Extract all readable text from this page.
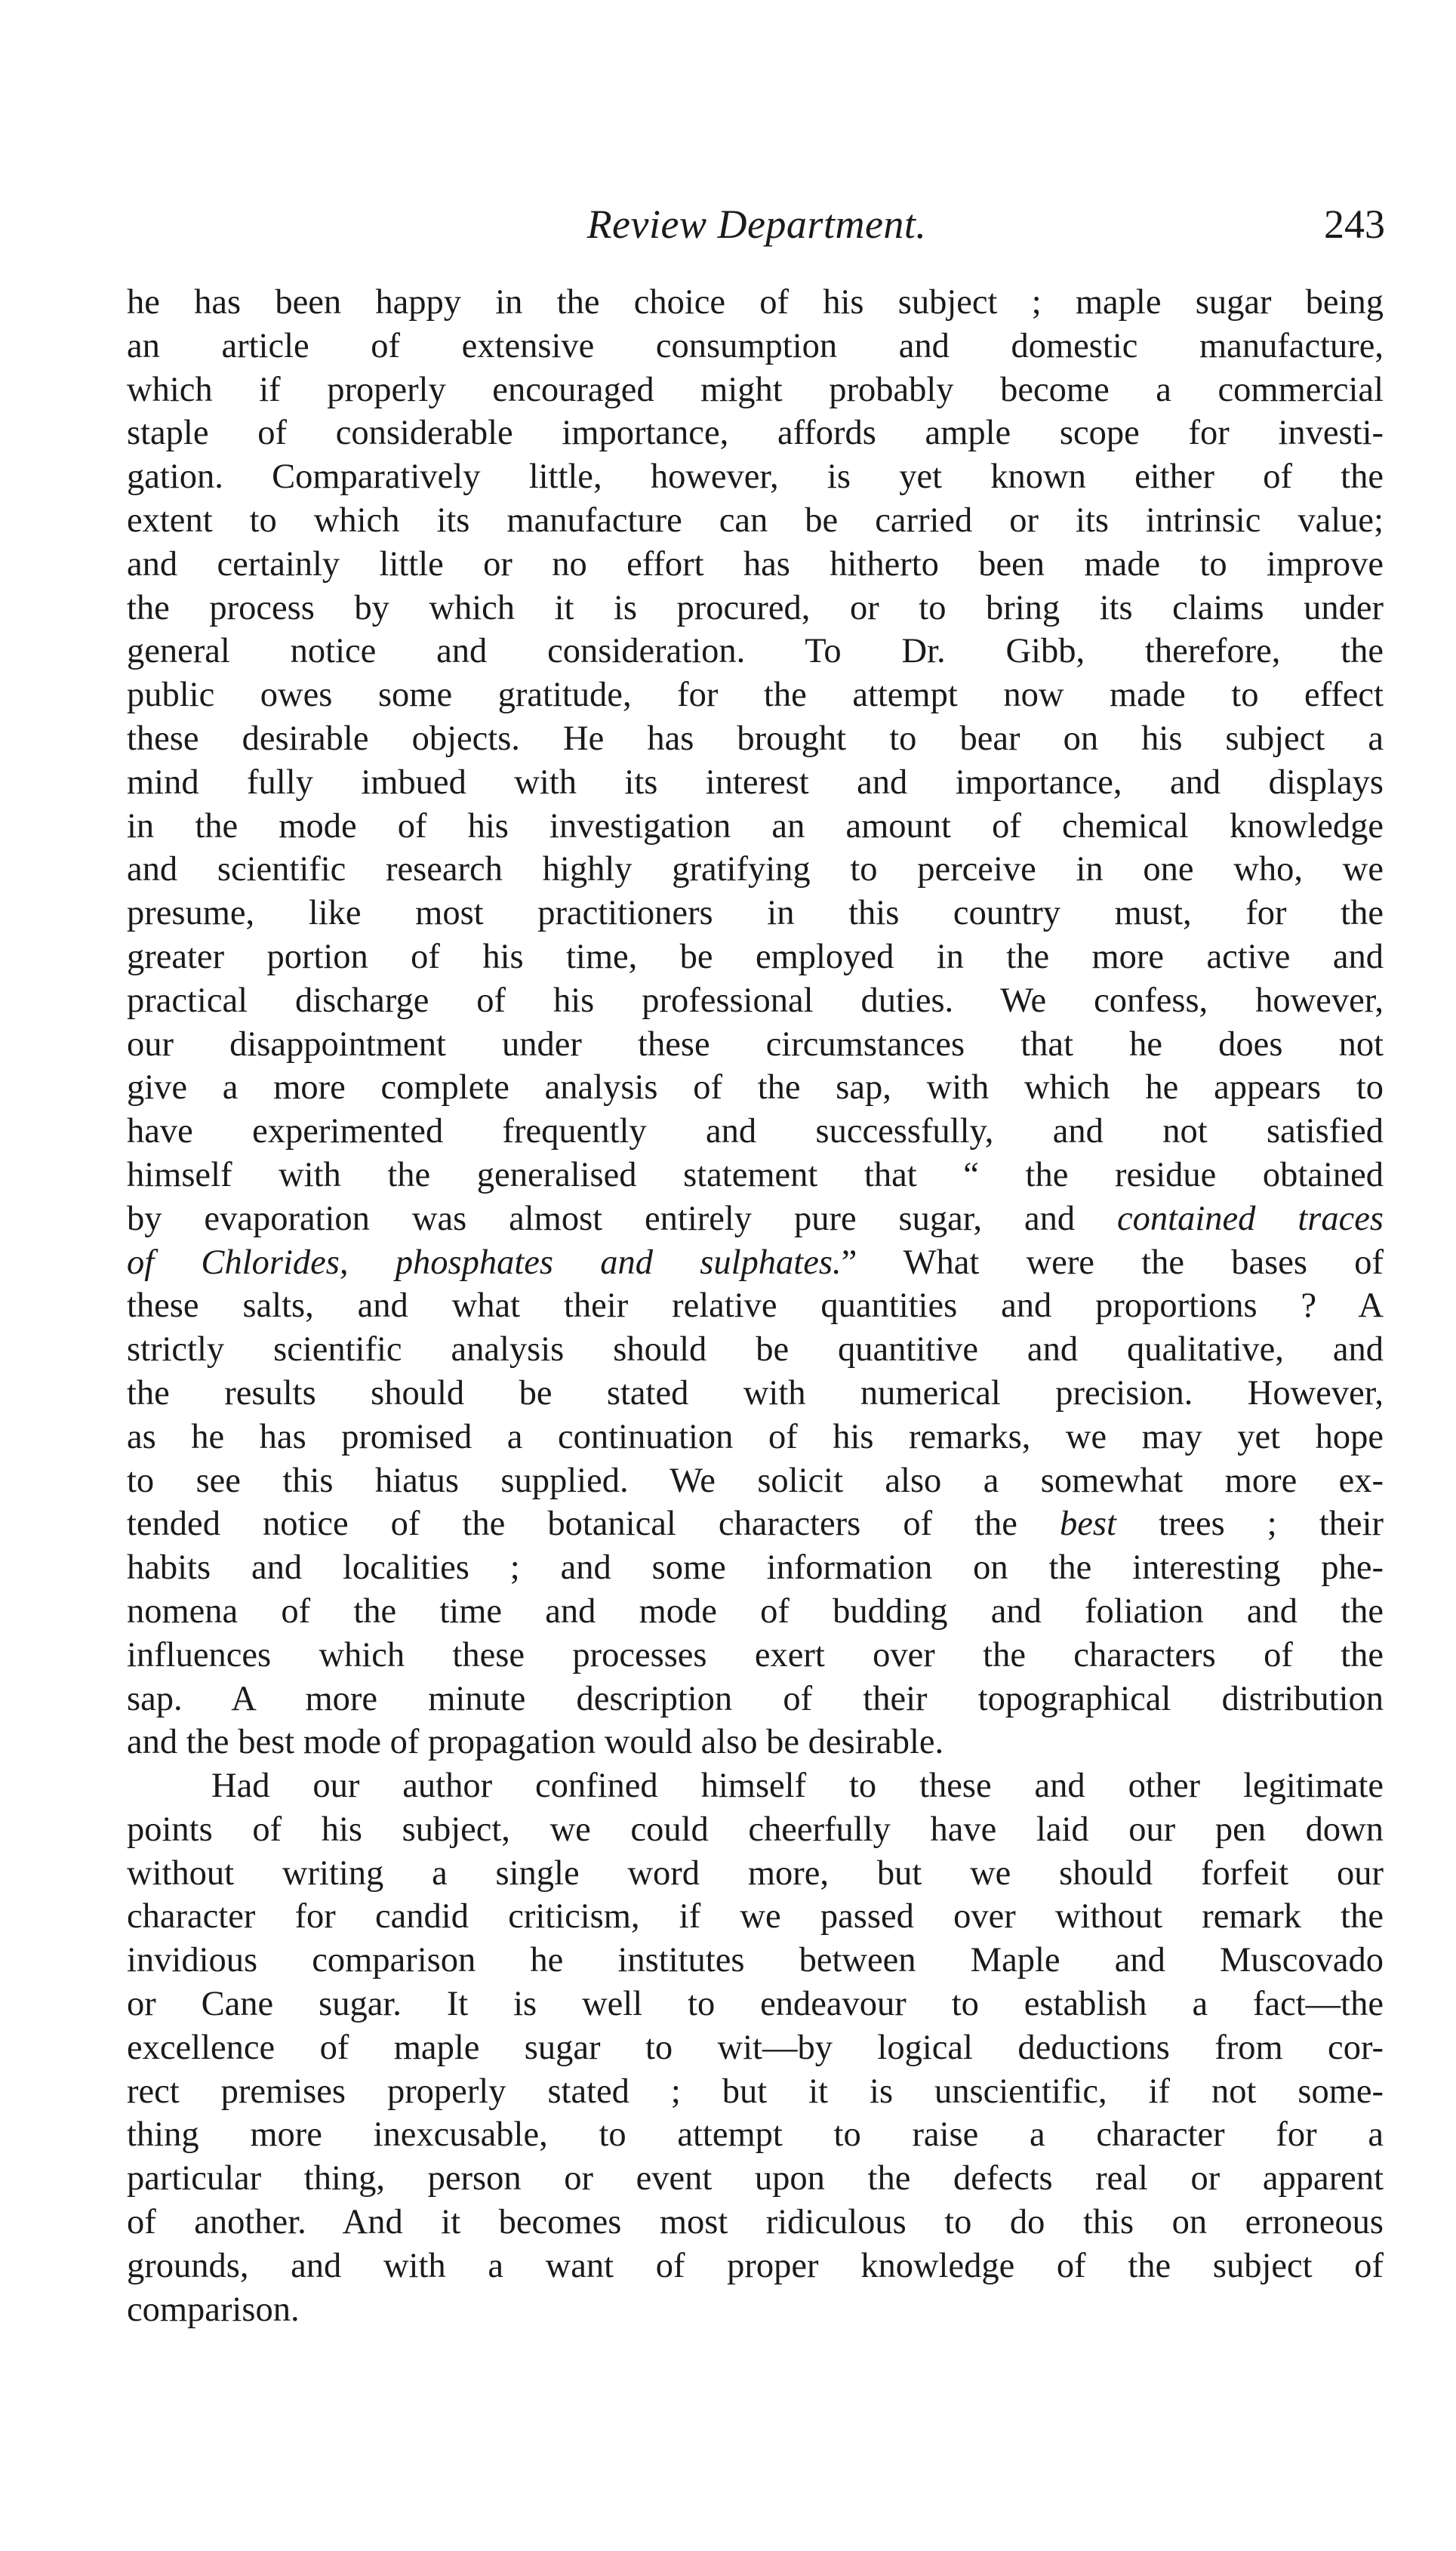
Review Department.	243
he has been happy in the choice of his subject ; maple sugar being
an article of extensive consumption and domestic manufacture,
which if properly encouraged might probably become a commercial
staple of considerable importance, affords ample scope for investi-
gation. Comparatively little, however, is yet known either of the
extent to which its manufacture can be carried or its intrinsic value;
and certainly little or no effort has hitherto been made to improve
the process by which it is procured, or to bring its claims under
general notice and consideration. To Dr. Gibb, therefore, the
public owes some gratitude, for the attempt now made to effect
these desirable objects. He has brought to bear on his subject a
mind fully imbued with its interest and importance, and displays
in the mode of his investigation an amount of chemical knowledge
and scientific research highly gratifying to perceive in one who, we
presume, like most practitioners in this country must, for the
greater portion of his time, be employed in the more active and
practical discharge of his professional duties. We confess, however,
our disappointment under these circumstances that he does not
give a more complete analysis of the sap, with which he appears to
have experimented frequently and successfully, and not satisfied
himself with the generalised statement that “ the residue obtained
by evaporation was almost entirely pure sugar, and contained traces
of Chlorides, phosphates and sulphates.” What were the bases of
these salts, and what their relative quantities and proportions ? A
strictly scientific analysis should be quantitive and qualitative, and
the results should be stated with numerical precision. However,
as he has promised a continuation of his remarks, we may yet hope
to see this hiatus supplied. We solicit also a somewhat more ex-
tended notice of the botanical characters of the best trees ; their
habits and localities ; and some information on the interesting phe-
nomena of the time and mode of budding and foliation and the
influences which these processes exert over the characters of the
sap. A more minute description of their topographical distribution
and the best mode of propagation would also be desirable.
Had our author confined himself to these and other legitimate
points of his subject, we could cheerfully have laid our pen down
without writing a single word more, but we should forfeit our
character for candid criticism, if we passed over without remark the
invidious comparison he institutes between Maple and Muscovado
or Cane sugar. It is well to endeavour to establish a fact—the
excellence of maple sugar to wit—by logical deductions from cor-
rect premises properly stated ; but it is unscientific, if not some-
thing more inexcusable, to attempt to raise a character for a
particular thing, person or event upon the defects real or apparent
of another. And it becomes most ridiculous to do this on erroneous
grounds, and with a want of proper knowledge of the subject of
comparison.
